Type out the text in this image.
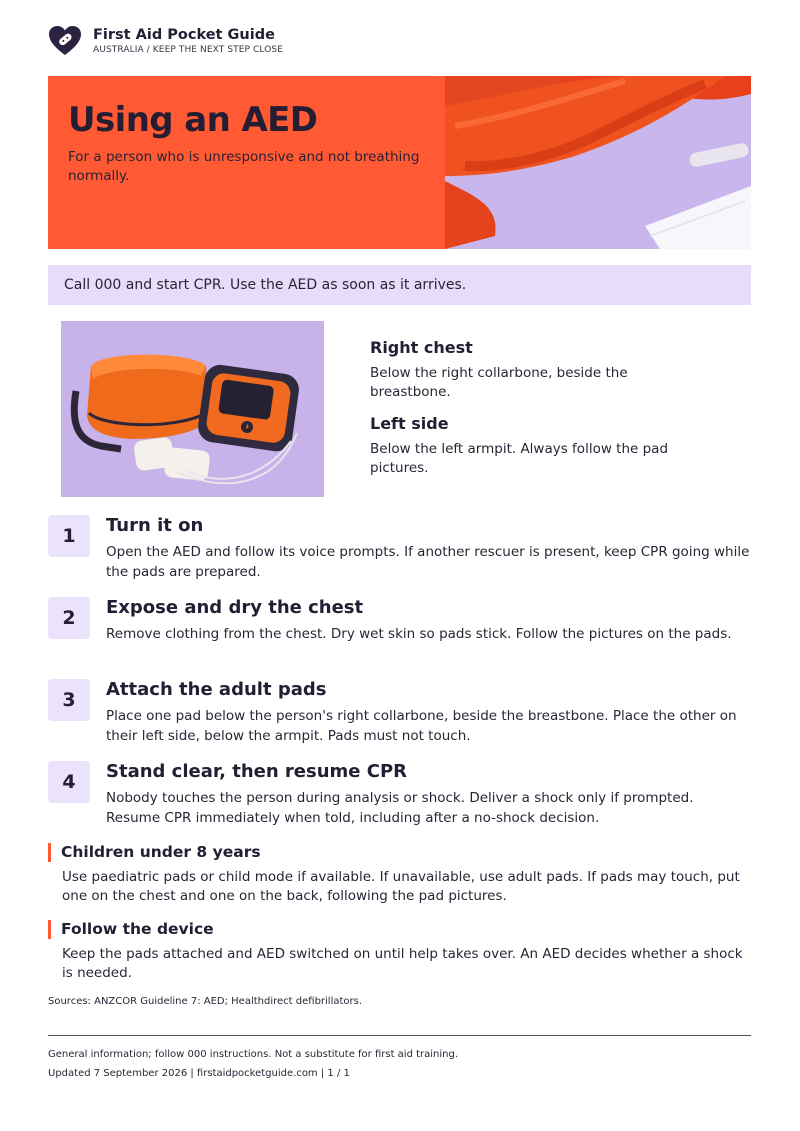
First Aid Pocket Guide
AUSTRALIA / KEEP THE NEXT STEP CLOSE
Using an AED

For a person who is unresponsive and not breathing normally.

Call 000 and start CPR. Use the AED as soon as it arrives.
Right chest

Below the right collarbone, beside the breastbone.

Left side

Below the left armpit. Always follow the pad pictures.

1	Turn it on

Open the AED and follow its voice prompts. If another rescuer is present, keep CPR going while the pads are prepared.

2	Expose and dry the chest

Remove clothing from the chest. Dry wet skin so pads stick. Follow the pictures on the pads.

3	Attach the adult pads

Place one pad below the person's right collarbone, beside the breastbone. Place the other on their left side, below the armpit. Pads must not touch.

4	Stand clear, then resume CPR

Nobody touches the person during analysis or shock. Deliver a shock only if prompted. Resume CPR immediately when told, including after a no-shock decision.

Children under 8 years

Use paediatric pads or child mode if available. If unavailable, use adult pads. If pads may touch, put one on the chest and one on the back, following the pad pictures.

Follow the device

Keep the pads attached and AED switched on until help takes over. An AED decides whether a shock is needed.

Sources: ANZCOR Guideline 7: AED; Healthdirect defibrillators.
General information; follow 000 instructions. Not a substitute for first aid training.
Updated 7 September 2026 | firstaidpocketguide.com | 1 / 1
